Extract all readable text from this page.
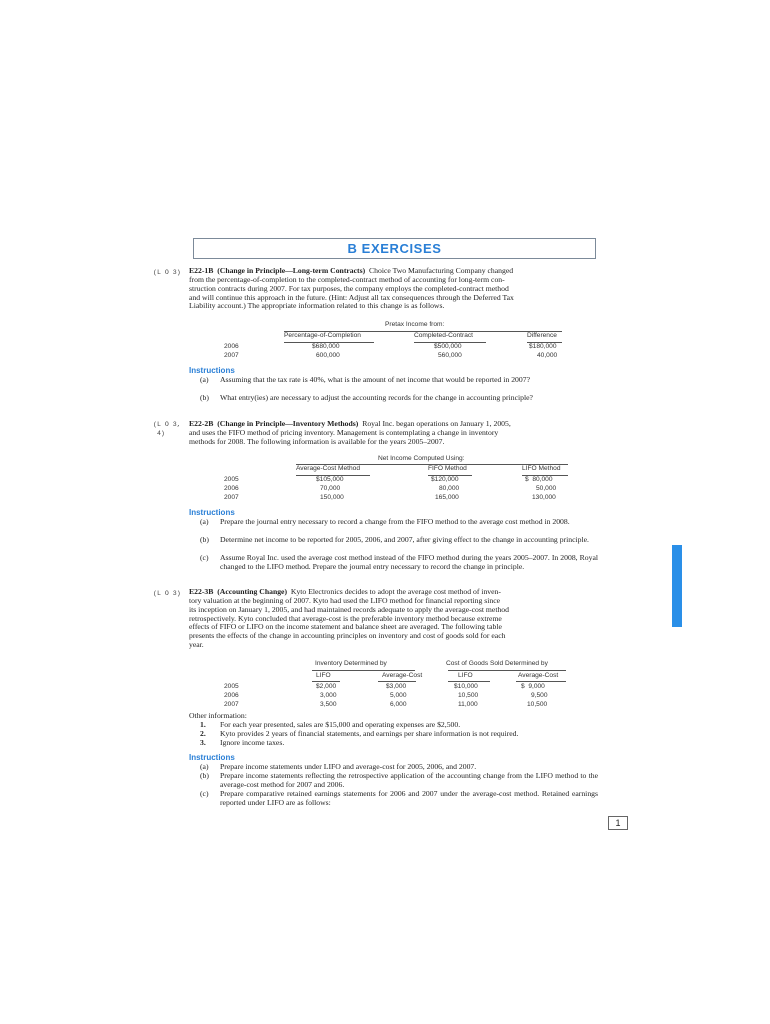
B EXERCISES
(L O 3) E22-1B (Change in Principle—Long-term Contracts) Choice Two Manufacturing Company changed
from the percentage-of-completion to the completed-contract method of accounting for long-term con-
struction contracts during 2007. For tax purposes, the company employs the completed-contract method
and will continue this approach in the future. (Hint: Adjust all tax consequences through the Deferred Tax
Liability account.) The appropriate information related to this change is as follows.
Pretax Income from:
Percentage-of-Completion	Completed-Contract	Difference
2006	$680,000	$500,000	$180,000
2007	600,000	560,000	40,000
Instructions
(a)	Assuming that the tax rate is 40%, what is the amount of net income that would be reported in 2007?
(b)	What entry(ies) are necessary to adjust the accounting records for the change in accounting principle?
(L O 3,
4)
E22-2B (Change in Principle—Inventory Methods) Royal Inc. began operations on January 1, 2005,
and uses the FIFO method of pricing inventory. Management is contemplating a change in inventory
methods for 2008. The following information is available for the years 2005–2007.
Net Income Computed Using:
Average-Cost Method	FIFO Method	LIFO Method
2005	$105,000	$120,000	$  80,000
2006	70,000	80,000	50,000
2007	150,000	165,000	130,000
Instructions
(a)	Prepare the journal entry necessary to record a change from the FIFO method to the average cost method in 2008.
(b)	Determine net income to be reported for 2005, 2006, and 2007, after giving effect to the change in accounting principle.
(c)	Assume Royal Inc. used the average cost method instead of the FIFO method during the years 2005–2007. In 2008, Royal changed to the LIFO method. Prepare the journal entry necessary to record the change in principle.
(L O 3) E22-3B (Accounting Change) Kyto Electronics decides to adopt the average cost method of inven-
tory valuation at the beginning of 2007. Kyto had used the LIFO method for financial reporting since
its inception on January 1, 2005, and had maintained records adequate to apply the average-cost method
retrospectively. Kyto concluded that average-cost is the preferable inventory method because extreme
effects of FIFO or LIFO on the income statement and balance sheet are averaged. The following table
presents the effects of the change in accounting principles on inventory and cost of goods sold for each
year.
Inventory Determined by	Cost of Goods Sold Determined by
LIFO	Average-Cost	LIFO	Average-Cost
2005	$2,000	$3,000	$10,000	$  9,000
2006	3,000	5,000	10,500	9,500
2007	3,500	6,000	11,000	10,500
Other information:
1.	For each year presented, sales are $15,000 and operating expenses are $2,500.
2.	Kyto provides 2 years of financial statements, and earnings per share information is not required.
3.	Ignore income taxes.
Instructions
(a)	Prepare income statements under LIFO and average-cost for 2005, 2006, and 2007.
(b)	Prepare income statements reflecting the retrospective application of the accounting change from the LIFO method to the average-cost method for 2007 and 2006.
(c)	Prepare comparative retained earnings statements for 2006 and 2007 under the average-cost method. Retained earnings reported under LIFO are as follows:
1
